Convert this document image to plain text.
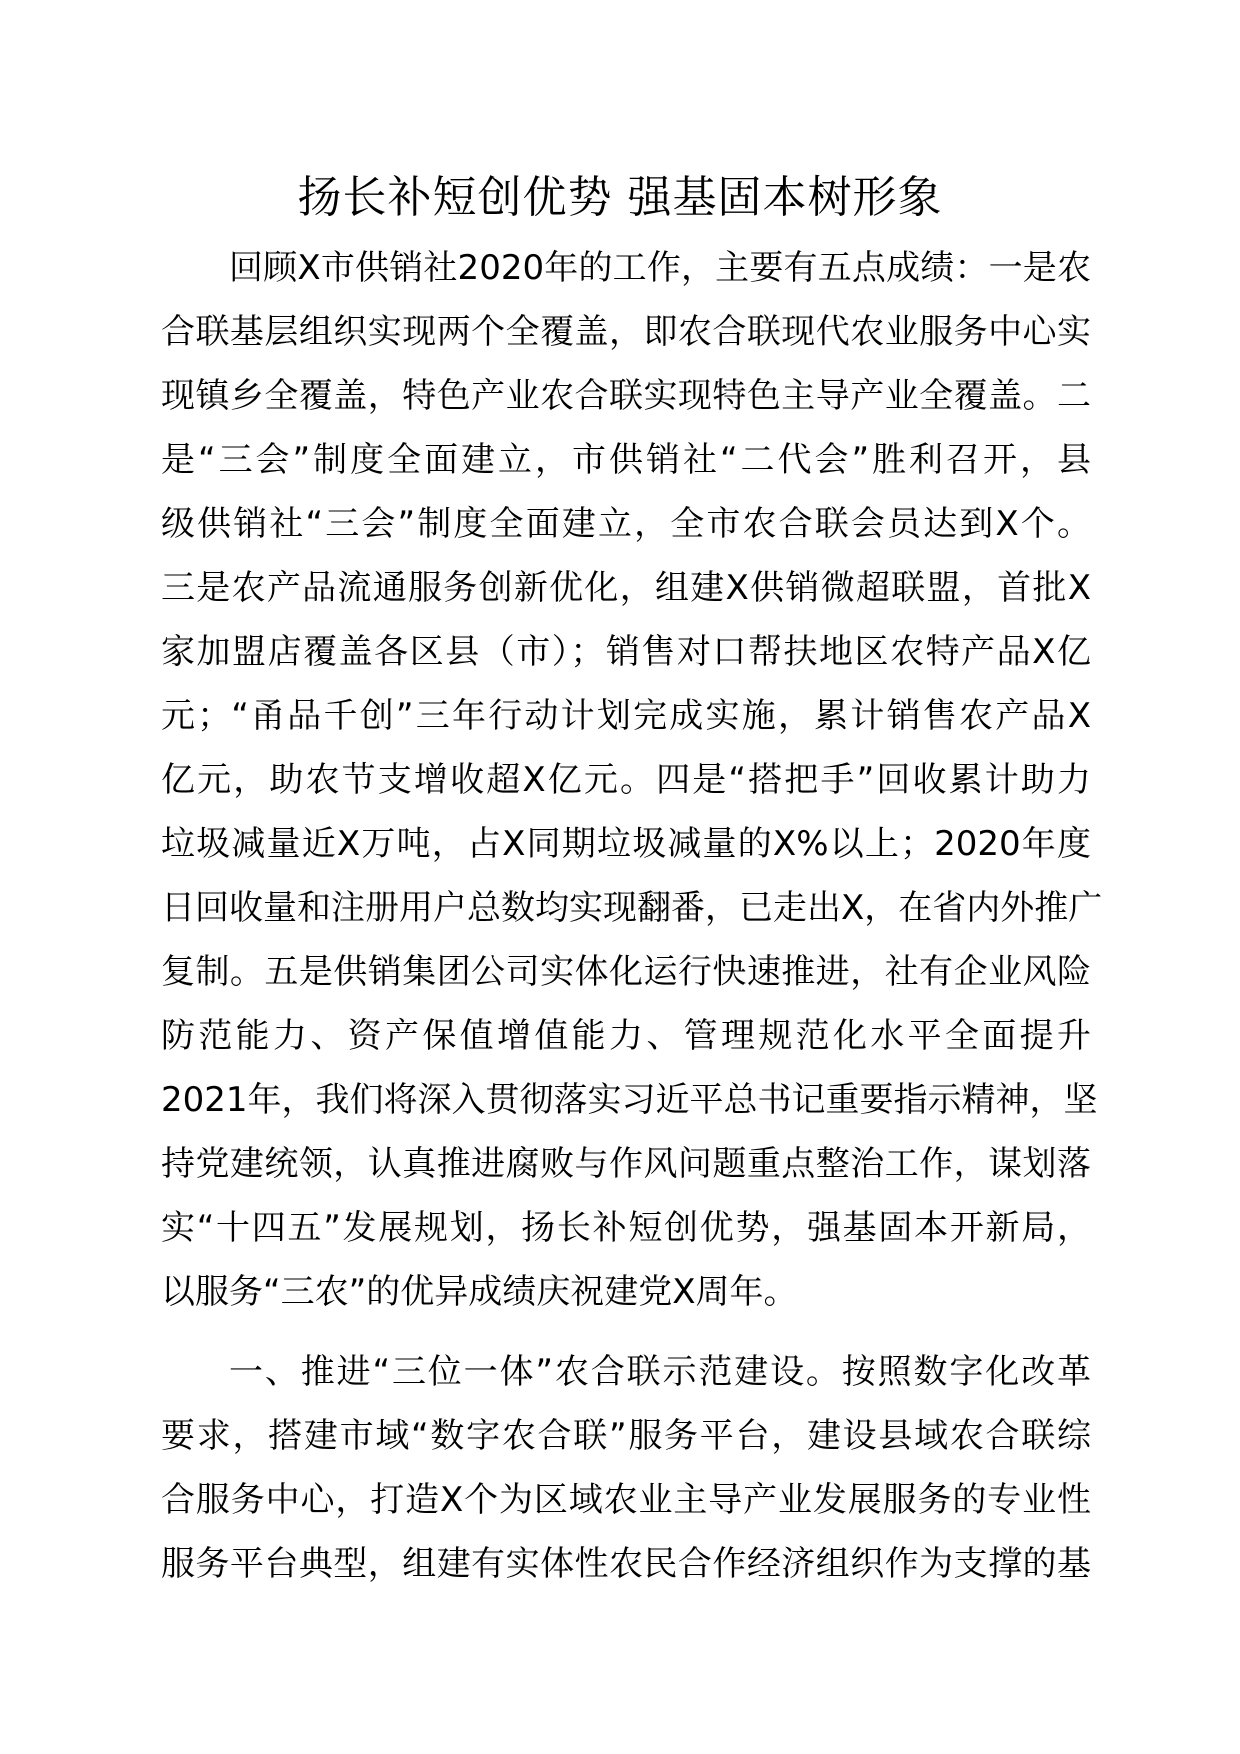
扬长补短创优势 强基固本树形象
回顾X市供销社2020年的工作，主要有五点成绩：一是农
合联基层组织实现两个全覆盖，即农合联现代农业服务中心实
现镇乡全覆盖，特色产业农合联实现特色主导产业全覆盖。二
是“三会”制度全面建立，市供销社“二代会”胜利召开，县
级供销社“三会”制度全面建立，全市农合联会员达到X个。
三是农产品流通服务创新优化，组建X供销微超联盟，首批X
家加盟店覆盖各区县（市）；销售对口帮扶地区农特产品X亿
元；“甬品千创”三年行动计划完成实施，累计销售农产品X
亿元，助农节支增收超X亿元。四是“搭把手”回收累计助力
垃圾减量近X万吨，占X同期垃圾减量的X%以上；2020年度
日回收量和注册用户总数均实现翻番，已走出X，在省内外推广
复制。五是供销集团公司实体化运行快速推进，社有企业风险
防范能力、资产保值增值能力、管理规范化水平全面提升
2021年，我们将深入贯彻落实习近平总书记重要指示精神，坚
持党建统领，认真推进腐败与作风问题重点整治工作，谋划落
实“十四五”发展规划，扬长补短创优势，强基固本开新局，
以服务“三农”的优异成绩庆祝建党X周年。
一、推进“三位一体”农合联示范建设。按照数字化改革
要求，搭建市域“数字农合联”服务平台，建设县域农合联综
合服务中心，打造X个为区域农业主导产业发展服务的专业性
服务平台典型，组建有实体性农民合作经济组织作为支撑的基
